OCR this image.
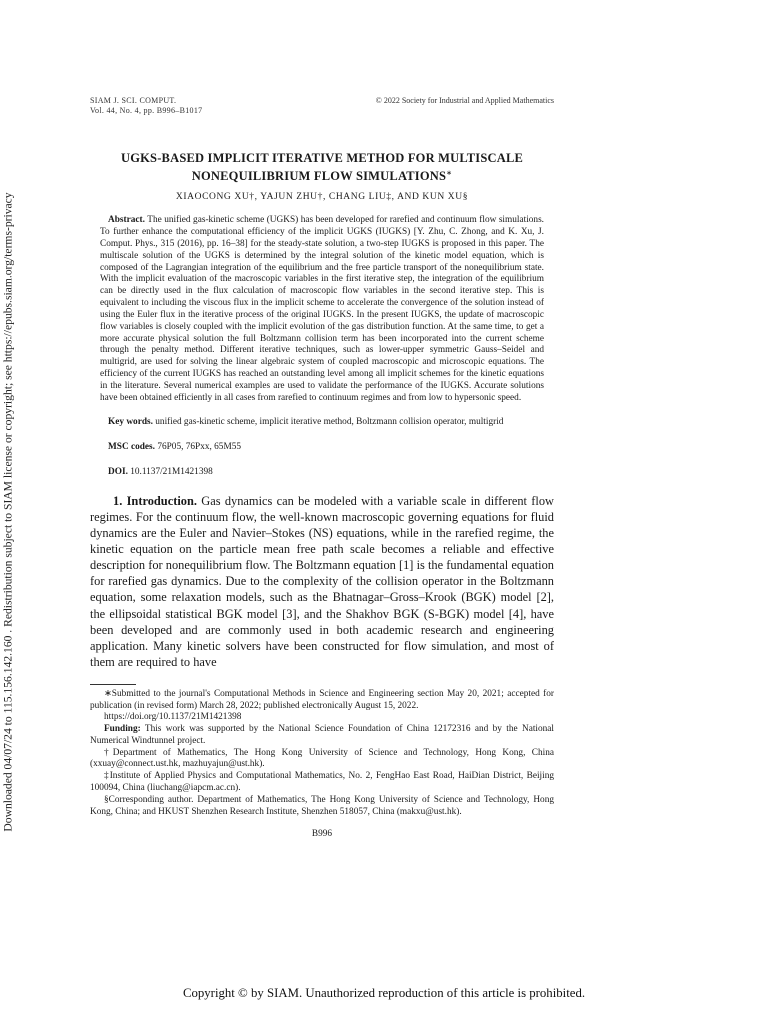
Downloaded 04/07/24 to 115.156.142.160 . Redistribution subject to SIAM license or copyright; see https://epubs.siam.org/terms-privacy
SIAM J. SCI. COMPUT.
Vol. 44, No. 4, pp. B996–B1017
© 2022 Society for Industrial and Applied Mathematics
UGKS-BASED IMPLICIT ITERATIVE METHOD FOR MULTISCALE
NONEQUILIBRIUM FLOW SIMULATIONS∗
XIAOCONG XU†, YAJUN ZHU†, CHANG LIU‡, AND KUN XU§
Abstract. The unified gas-kinetic scheme (UGKS) has been developed for rarefied and continuum flow simulations. To further enhance the computational efficiency of the implicit UGKS (IUGKS) [Y. Zhu, C. Zhong, and K. Xu, J. Comput. Phys., 315 (2016), pp. 16–38] for the steady-state solution, a two-step IUGKS is proposed in this paper. The multiscale solution of the UGKS is determined by the integral solution of the kinetic model equation, which is composed of the Lagrangian integration of the equilibrium and the free particle transport of the nonequilibrium state. With the implicit evaluation of the macroscopic variables in the first iterative step, the integration of the equilibrium can be directly used in the flux calculation of macroscopic flow variables in the second iterative step. This is equivalent to including the viscous flux in the implicit scheme to accelerate the convergence of the solution instead of using the Euler flux in the iterative process of the original IUGKS. In the present IUGKS, the update of macroscopic flow variables is closely coupled with the implicit evolution of the gas distribution function. At the same time, to get a more accurate physical solution the full Boltzmann collision term has been incorporated into the current scheme through the penalty method. Different iterative techniques, such as lower-upper symmetric Gauss–Seidel and multigrid, are used for solving the linear algebraic system of coupled macroscopic and microscopic equations. The efficiency of the current IUGKS has reached an outstanding level among all implicit schemes for the kinetic equations in the literature. Several numerical examples are used to validate the performance of the IUGKS. Accurate solutions have been obtained efficiently in all cases from rarefied to continuum regimes and from low to hypersonic speed.
Key words. unified gas-kinetic scheme, implicit iterative method, Boltzmann collision operator, multigrid
MSC codes. 76P05, 76Pxx, 65M55
DOI. 10.1137/21M1421398
1. Introduction. Gas dynamics can be modeled with a variable scale in different flow regimes. For the continuum flow, the well-known macroscopic governing equations for fluid dynamics are the Euler and Navier–Stokes (NS) equations, while in the rarefied regime, the kinetic equation on the particle mean free path scale becomes a reliable and effective description for nonequilibrium flow. The Boltzmann equation [1] is the fundamental equation for rarefied gas dynamics. Due to the complexity of the collision operator in the Boltzmann equation, some relaxation models, such as the Bhatnagar–Gross–Krook (BGK) model [2], the ellipsoidal statistical BGK model [3], and the Shakhov BGK (S-BGK) model [4], have been developed and are commonly used in both academic research and engineering application. Many kinetic solvers have been constructed for flow simulation, and most of them are required to have
∗Submitted to the journal's Computational Methods in Science and Engineering section May 20, 2021; accepted for publication (in revised form) March 28, 2022; published electronically August 15, 2022.
https://doi.org/10.1137/21M1421398
Funding: This work was supported by the National Science Foundation of China 12172316 and by the National Numerical Windtunnel project.
†Department of Mathematics, The Hong Kong University of Science and Technology, Hong Kong, China (xxuay@connect.ust.hk, mazhuyajun@ust.hk).
‡Institute of Applied Physics and Computational Mathematics, No. 2, FengHao East Road, HaiDian District, Beijing 100094, China (liuchang@iapcm.ac.cn).
§Corresponding author. Department of Mathematics, The Hong Kong University of Science and Technology, Hong Kong, China; and HKUST Shenzhen Research Institute, Shenzhen 518057, China (makxu@ust.hk).
B996
Copyright © by SIAM. Unauthorized reproduction of this article is prohibited.
